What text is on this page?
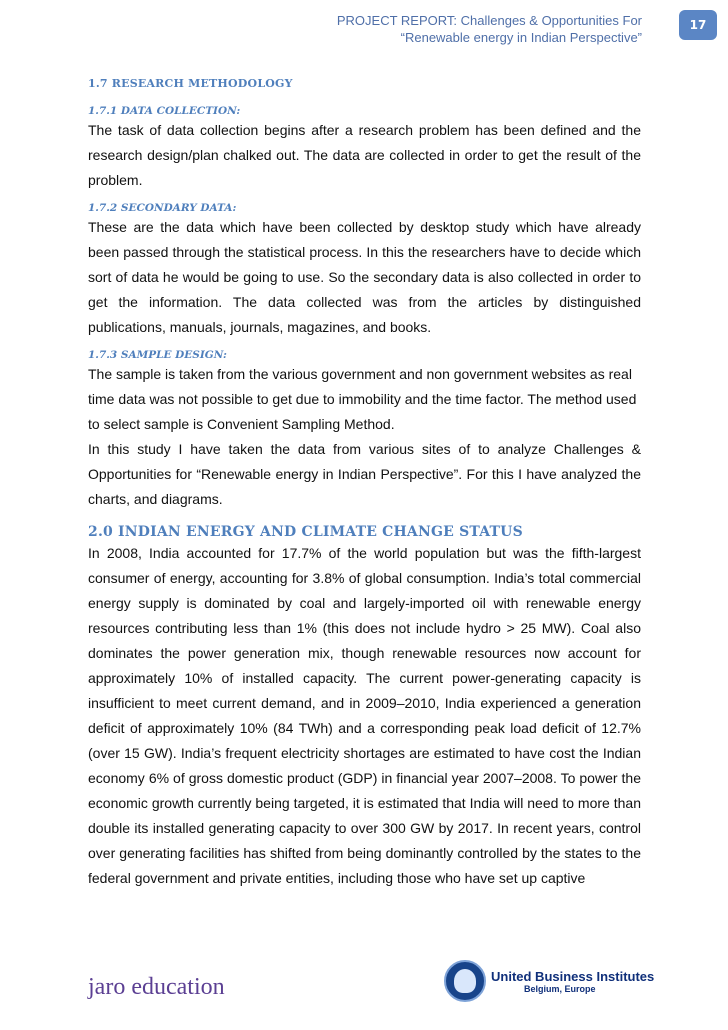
PROJECT REPORT: Challenges & Opportunities For
“Renewable energy in Indian Perspective”
17
1.7 RESEARCH METHODOLOGY
1.7.1 DATA COLLECTION:

The task of data collection begins after a research problem has been defined and the research design/plan chalked out. The data are collected in order to get the result of the problem.

1.7.2 SECONDARY DATA:

These are the data which have been collected by desktop study which have already been passed through the statistical process. In this the researchers have to decide which sort of data he would be going to use. So the secondary data is also collected in order to get the information. The data collected was from the articles by distinguished publications, manuals, journals, magazines, and books.

1.7.3 SAMPLE DESIGN:

The sample is taken from the various government and non government websites as real time data was not possible to get due to immobility and the time factor. The method used to select sample is Convenient Sampling Method.

In this study I have taken the data from various sites of to analyze Challenges & Opportunities for “Renewable energy in Indian Perspective”. For this I have analyzed the charts, and diagrams.

2.0 INDIAN ENERGY AND CLIMATE CHANGE STATUS

In 2008, India accounted for 17.7% of the world population but was the fifth-largest consumer of energy, accounting for 3.8% of global consumption. India’s total commercial energy supply is dominated by coal and largely-imported oil with renewable energy resources contributing less than 1% (this does not include hydro > 25 MW). Coal also dominates the power generation mix, though renewable resources now account for approximately 10% of installed capacity. The current power-generating capacity is insufficient to meet current demand, and in 2009–2010, India experienced a generation deficit of approximately 10% (84 TWh) and a corresponding peak load deficit of 12.7% (over 15 GW). India’s frequent electricity shortages are estimated to have cost the Indian economy 6% of gross domestic product (GDP) in financial year 2007–2008. To power the economic growth currently being targeted, it is estimated that India will need to more than double its installed generating capacity to over 300 GW by 2017. In recent years, control over generating facilities has shifted from being dominantly controlled by the states to the federal government and private entities, including those who have set up captive

jaro education	United Business Institutes
Belgium, Europe
